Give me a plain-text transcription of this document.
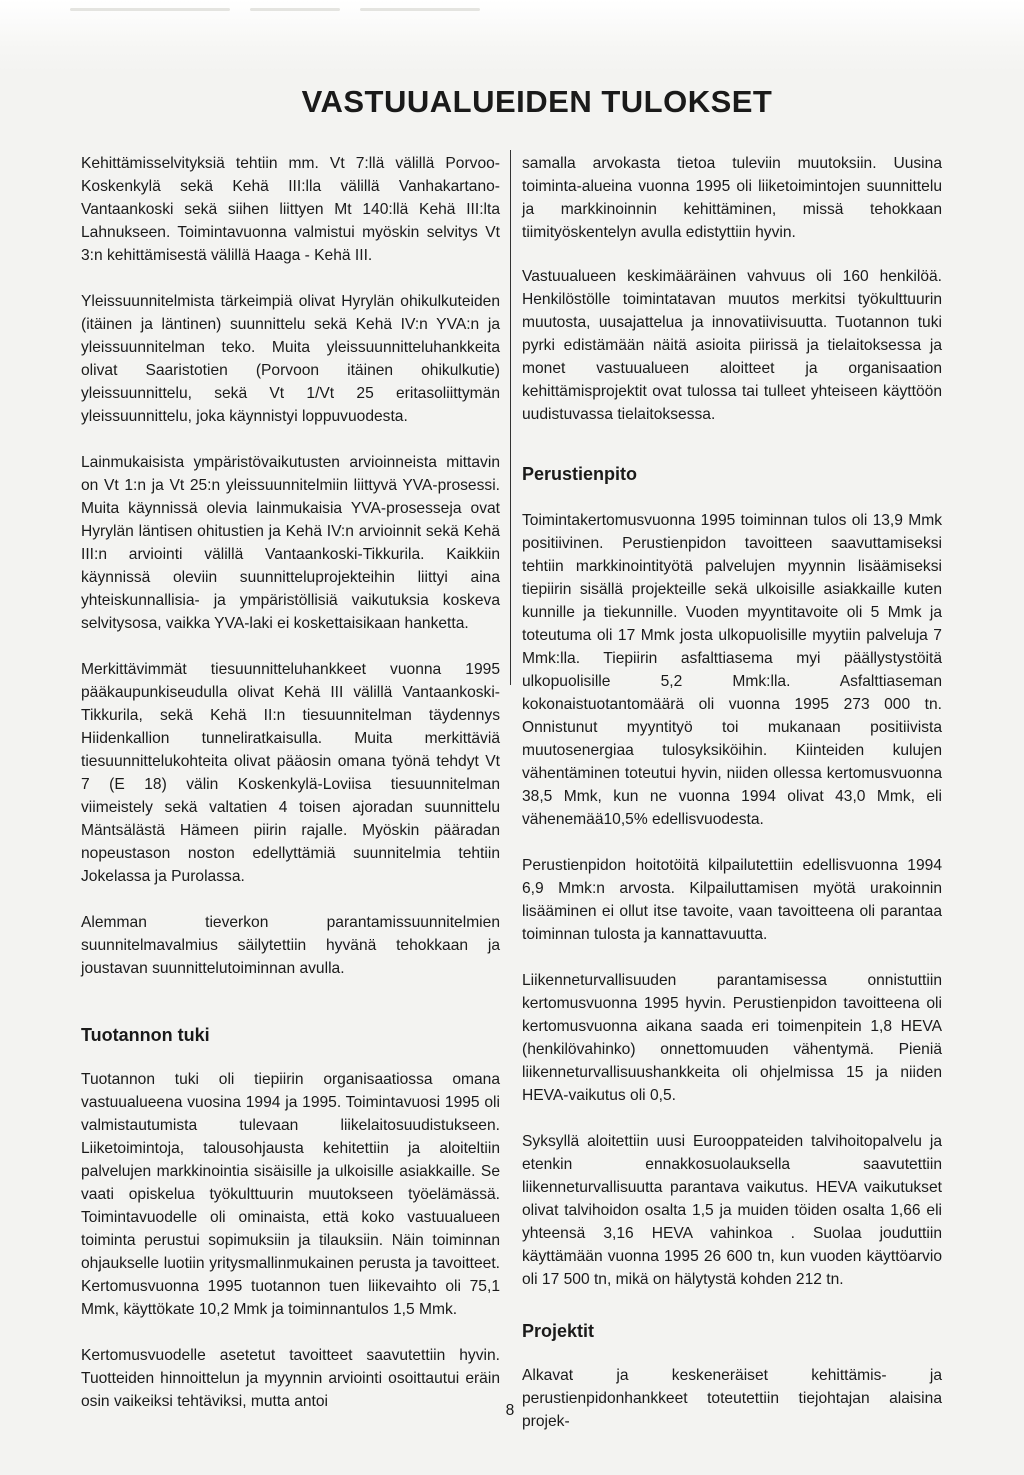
VASTUUALUEIDEN TULOKSET

Kehittämisselvityksiä tehtiin mm. Vt 7:llä välillä Porvoo-Koskenkylä sekä Kehä III:lla välillä Vanhakartano-Vantaankoski sekä siihen liittyen Mt 140:llä Kehä III:lta Lahnukseen. Toimintavuonna valmistui myöskin selvitys Vt 3:n kehittämisestä välillä Haaga - Kehä III.

Yleissuunnitelmista tärkeimpiä olivat Hyrylän ohikulkuteiden (itäinen ja läntinen) suunnittelu sekä Kehä IV:n YVA:n ja yleissuunnitelman teko. Muita yleissuunnitteluhankkeita olivat Saaristotien (Porvoon itäinen ohikulkutie) yleissuunnittelu, sekä Vt 1/Vt 25 eritasoliittymän yleissuunnittelu, joka käynnistyi loppuvuodesta.

Lainmukaisista ympäristövaikutusten arvioinneista mittavin on Vt 1:n ja Vt 25:n yleissuunnitelmiin liittyvä YVA-prosessi. Muita käynnissä olevia lainmukaisia YVA-prosesseja ovat Hyrylän läntisen ohitustien ja Kehä IV:n arvioinnit sekä Kehä III:n arviointi välillä Vantaankoski-Tikkurila. Kaikkiin käynnissä oleviin suunnitteluprojekteihin liittyi aina yhteiskunnallisia- ja ympäristöllisiä vaikutuksia koskeva selvitysosa, vaikka YVA-laki ei koskettaisikaan hanketta.

Merkittävimmät tiesuunnitteluhankkeet vuonna 1995 pääkaupunkiseudulla olivat Kehä III välillä Vantaankoski-Tikkurila, sekä Kehä II:n tiesuunnitelman täydennys Hiidenkallion tunneliratkaisulla. Muita merkittäviä tiesuunnittelukohteita olivat pääosin omana työnä tehdyt Vt 7 (E 18) välin Koskenkylä-Loviisa tiesuunnitelman viimeistely sekä valtatien 4 toisen ajoradan suunnittelu Mäntsälästä Hämeen piirin rajalle. Myöskin pääradan nopeustason noston edellyttämiä suunnitelmia tehtiin Jokelassa ja Purolassa.

Alemman tieverkon parantamissuunnitelmien suunnitelmavalmius säilytettiin hyvänä tehokkaan ja joustavan suunnittelutoiminnan avulla.

Tuotannon tuki

Tuotannon tuki oli tiepiirin organisaatiossa omana vastuualueena vuosina 1994 ja 1995. Toimintavuosi 1995 oli valmistautumista tulevaan liikelaitosuudistukseen. Liiketoimintoja, talousohjausta kehitettiin ja aloiteltiin palvelujen markkinointia sisäisille ja ulkoisille asiakkaille. Se vaati opiskelua työkulttuurin muutokseen työelämässä. Toimintavuodelle oli ominaista, että koko vastuualueen toiminta perustui sopimuksiin ja tilauksiin. Näin toiminnan ohjaukselle luotiin yritysmallinmukainen perusta ja tavoitteet. Kertomusvuonna 1995 tuotannon tuen liikevaihto oli 75,1 Mmk, käyttökate 10,2 Mmk ja toiminnantulos 1,5 Mmk.

Kertomusvuodelle asetetut tavoitteet saavutettiin hyvin. Tuotteiden hinnoittelun ja myynnin arviointi osoittautui eräin osin vaikeiksi tehtäviksi, mutta antoi

samalla arvokasta tietoa tuleviin muutoksiin. Uusina toiminta-alueina vuonna 1995 oli liiketoimintojen suunnittelu ja markkinoinnin kehittäminen, missä tehokkaan tiimityöskentelyn avulla edistyttiin hyvin.

Vastuualueen keskimääräinen vahvuus oli 160 henkilöä. Henkilöstölle toimintatavan muutos merkitsi työkulttuurin muutosta, uusajattelua ja innovatiivisuutta. Tuotannon tuki pyrki edistämään näitä asioita piirissä ja tielaitoksessa ja monet vastuualueen aloitteet ja organisaation kehittämisprojektit ovat tulossa tai tulleet yhteiseen käyttöön uudistuvassa tielaitoksessa.

Perustienpito

Toimintakertomusvuonna 1995 toiminnan tulos oli 13,9 Mmk positiivinen. Perustienpidon tavoitteen saavuttamiseksi tehtiin markkinointityötä palvelujen myynnin lisäämiseksi tiepiirin sisällä projekteille sekä ulkoisille asiakkaille kuten kunnille ja tiekunnille. Vuoden myyntitavoite oli 5 Mmk ja toteutuma oli 17 Mmk josta ulkopuolisille myytiin palveluja 7 Mmk:lla. Tiepiirin asfalttiasema myi päällystystöitä ulkopuolisille 5,2 Mmk:lla. Asfalttiaseman kokonaistuotantomäärä oli vuonna 1995 273 000 tn. Onnistunut myyntityö toi mukanaan positiivista muutosenergiaa tulosyksiköihin. Kiinteiden kulujen vähentäminen toteutui hyvin, niiden ollessa kertomusvuonna 38,5 Mmk, kun ne vuonna 1994 olivat 43,0 Mmk, eli vähenemää10,5% edellisvuodesta.

Perustienpidon hoitotöitä kilpailutettiin edellisvuonna 1994 6,9 Mmk:n arvosta. Kilpailuttamisen myötä urakoinnin lisääminen ei ollut itse tavoite, vaan tavoitteena oli parantaa toiminnan tulosta ja kannattavuutta.

Liikenneturvallisuuden parantamisessa onnistuttiin kertomusvuonna 1995 hyvin. Perustienpidon tavoitteena oli kertomusvuonna aikana saada eri toimenpitein 1,8 HEVA (henkilövahinko) onnettomuuden vähentymä. Pieniä liikenneturvallisuushankkeita oli ohjelmissa 15 ja niiden HEVA-vaikutus oli 0,5.

Syksyllä aloitettiin uusi Eurooppateiden talvihoitopalvelu ja etenkin ennakkosuolauksella saavutettiin liikenneturvallisuutta parantava vaikutus. HEVA vaikutukset olivat talvihoidon osalta 1,5 ja muiden töiden osalta 1,66 eli yhteensä 3,16 HEVA vahinkoa . Suolaa jouduttiin käyttämään vuonna 1995 26 600 tn, kun vuoden käyttöarvio oli 17 500 tn, mikä on hälytystä kohden 212 tn.

Projektit

Alkavat ja keskeneräiset kehittämis- ja perustienpidonhankkeet toteutettiin tiejohtajan alaisina projek-

8
